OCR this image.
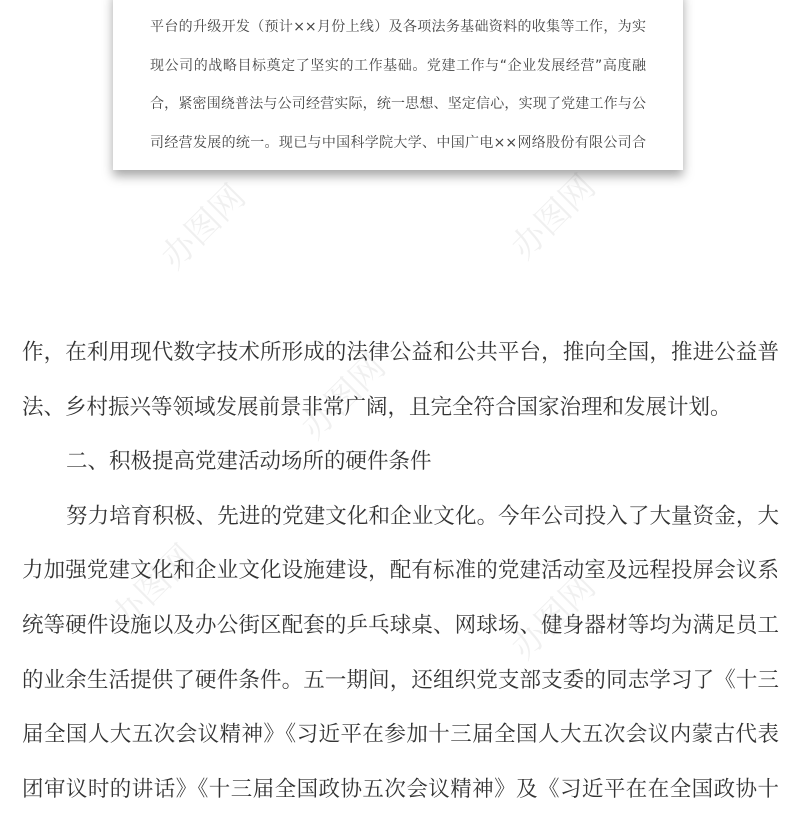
平台的升级开发（预计××月份上线）及各项法务基础资料的收集等工作，为实
现公司的战略目标奠定了坚实的工作基础。党建工作与“企业发展经营”高度融
合，紧密围绕普法与公司经营实际，统一思想、坚定信心，实现了党建工作与公
司经营发展的统一。现已与中国科学院大学、中国广电××网络股份有限公司合
办图网	办图网
办图网
办图网	办图网
作，在利用现代数字技术所形成的法律公益和公共平台，推向全国，推进公益普
法、乡村振兴等领域发展前景非常广阔，且完全符合国家治理和发展计划。
二、积极提高党建活动场所的硬件条件
努力培育积极、先进的党建文化和企业文化。今年公司投入了大量资金，大
力加强党建文化和企业文化设施建设，配有标准的党建活动室及远程投屏会议系
统等硬件设施以及办公街区配套的乒乓球桌、网球场、健身器材等均为满足员工
的业余生活提供了硬件条件。五一期间，还组织党支部支委的同志学习了《十三
届全国人大五次会议精神》《习近平在参加十三届全国人大五次会议内蒙古代表
团审议时的讲话》《十三届全国政协五次会议精神》及《习近平在在全国政协十
